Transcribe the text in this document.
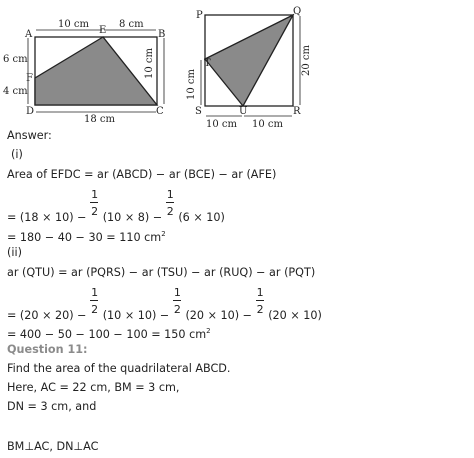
A	E	B
F
D	C
10 cm	8 cm
6 cm
4 cm
18 cm
10 cm
P	Q
R
S
T
U
10 cm 10 cm
20 cm
10 cm
Answer:
(i)
Area of EFDC = ar (ABCD) − ar (BCE) − ar (AFE)
= $(18 \times 10) - \frac{1}{2} (10 \times 8) - \frac{1}{2} (6 \times 10)$
= 180 − 40 − 30 = 110 $cm^2$
(ii)
ar (QTU) = ar (PQRS) − ar (TSU) − ar (RUQ) − ar (PQT)
= $(20 \times 20) - \frac{1}{2} (10 \times 10) - \frac{1}{2} (20 \times 10) - \frac{1}{2} (20 \times 10)$
= 400 − 50 − 100 − 100 = 150 $cm^2$
Question 11:
Find the area of the quadrilateral ABCD.
Here, AC = 22 cm, BM = 3 cm,
DN = 3 cm, and
BM⊥AC, DN⊥AC
